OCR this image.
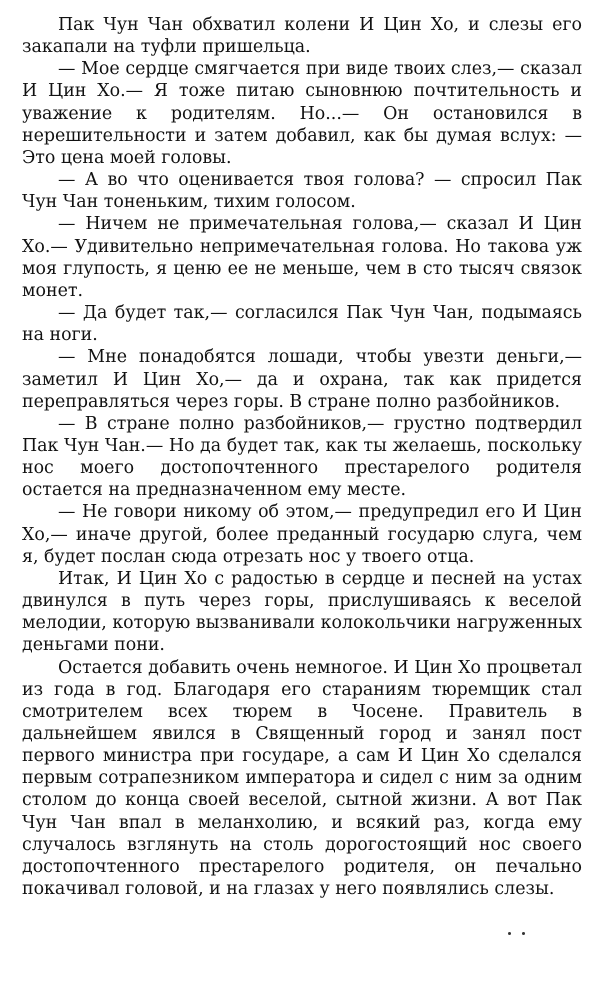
Пак Чун Чан обхватил колени И Цин Хо, и слезы его закапали на туфли пришельца.

— Мое сердце смягчается при виде твоих слез,— сказал И Цин Хо.— Я тоже питаю сыновнюю почтительность и уважение к родителям. Но...— Он остановился в нерешительности и затем добавил, как бы думая вслух: — Это цена моей головы.

— А во что оценивается твоя голова? — спросил Пак Чун Чан тоненьким, тихим голосом.

— Ничем не примечательная голова,— сказал И Цин Хо.— Удивительно непримечательная голова. Но такова уж моя глупость, я ценю ее не меньше, чем в сто тысяч связок монет.

— Да будет так,— согласился Пак Чун Чан, подымаясь на ноги.

— Мне понадобятся лошади, чтобы увезти деньги,— заметил И Цин Хо,— да и охрана, так как придется переправляться через горы. В стране полно разбойников.

— В стране полно разбойников,— грустно подтвердил Пак Чун Чан.— Но да будет так, как ты желаешь, поскольку нос моего достопочтенного престарелого родителя остается на предназначенном ему месте.

— Не говори никому об этом,— предупредил его И Цин Хо,— иначе другой, более преданный государю слуга, чем я, будет послан сюда отрезать нос у твоего отца.

Итак, И Цин Хо с радостью в сердце и песней на устах двинулся в путь через горы, прислушиваясь к веселой мелодии, которую вызванивали колокольчики нагруженных деньгами пони.

Остается добавить очень немногое. И Цин Хо процветал из года в год. Благодаря его стараниям тюремщик стал смотрителем всех тюрем в Чосене. Правитель в дальнейшем явился в Священный город и занял пост первого министра при государе, а сам И Цин Хо сделался первым сотрапезником императора и сидел с ним за одним столом до конца своей веселой, сытной жизни. А вот Пак Чун Чан впал в меланхолию, и всякий раз, когда ему случалось взглянуть на столь дорогостоящий нос своего достопочтенного престарелого родителя, он печально покачивал головой, и на глазах у него появлялись слезы.
